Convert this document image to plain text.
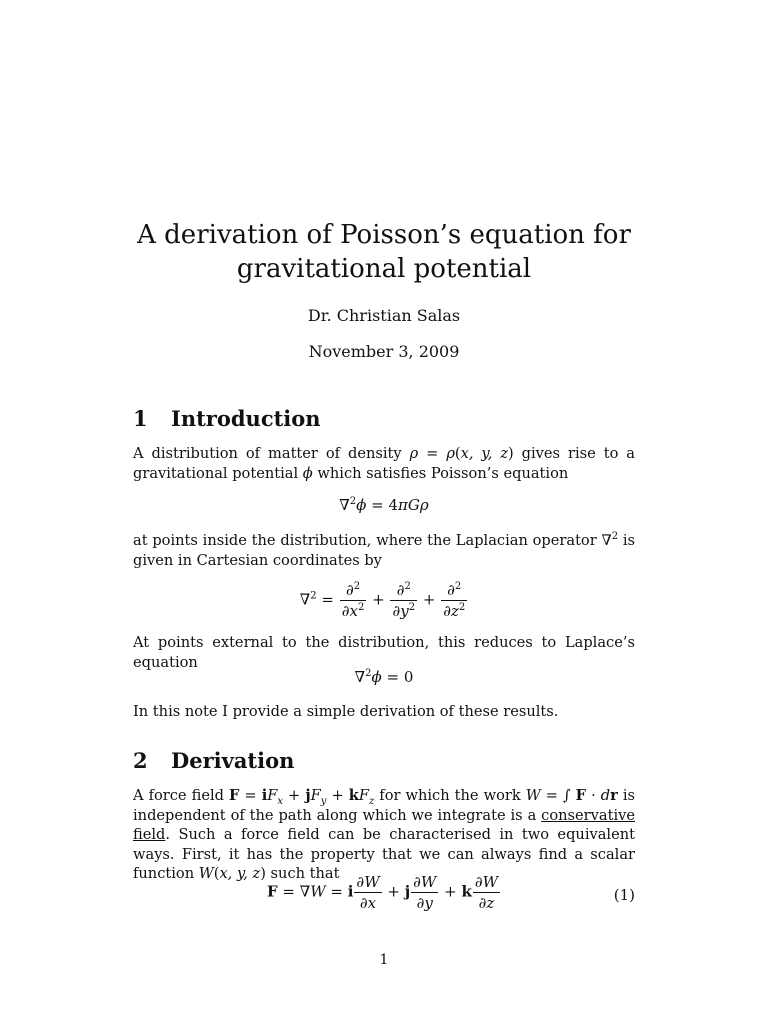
A derivation of Poisson’s equation for
gravitational potential
Dr. Christian Salas
November 3, 2009
1 Introduction
A distribution of matter of density ρ = ρ(x, y, z) gives rise to a gravitational potential ϕ which satisfies Poisson’s equation
∇$^2$ϕ = 4πGρ
at points inside the distribution, where the Laplacian operator ∇$^2$ is given in Cartesian coordinates by
$\nabla^2 = \frac{\partial^2}{\partial x^2} + \frac{\partial^2}{\partial y^2} + \frac{\partial^2}{\partial z^2}$
At points external to the distribution, this reduces to Laplace’s equation
∇$^2$ϕ = 0
In this note I provide a simple derivation of these results.
2 Derivation
A force field $F = iF_x + jF_y + kF_z$ for which the work W = ∫ F · dr is independent of the path along which we integrate is a conservative field. Such a force field can be characterised in two equivalent ways. First, it has the property that we can always find a scalar function W(x, y, z) such that
F = ∇W = i $\frac{\partial W}{\partial x} + j \frac{\partial W}{\partial y} + k \frac{\partial W}{\partial z}$	(1)
1
